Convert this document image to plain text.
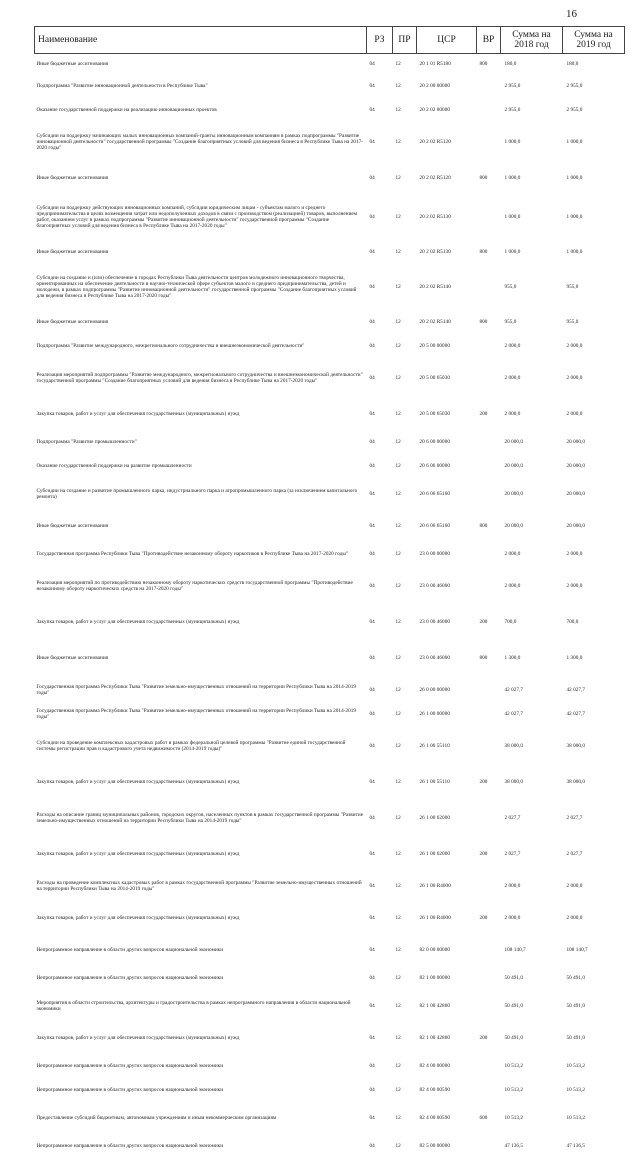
16
Наименование	РЗ	ПР	ЦСР	ВР	Сумма на 2018 год	Сумма на 2019 год
Иные бюджетные ассигнования	04	12	20 1 01 R5180	800	180,0	180,0
Подпрограмма "Развитие инновационной деятельности в Республике Тыва"	04	12	20 2 00 00000		2 955,0	2 955,0
Оказание государственной поддержки на реализацию инновационных проектов	04	12	20 2 02 00000		2 955,0	2 955,0
Субсидии на поддержку начинающих малых инновационных компаний-гранты инновационным компаниям в рамках подпрограммы "Развитие инновационной деятельности" государственной программы "Создание благоприятных условий для ведения бизнеса в Республике Тыва на 2017-2020 годы"	04	12	20 2 02 R5120		1 000,0	1 000,0
Иные бюджетные ассигнования	04	12	20 2 02 R5120	800	1 000,0	1 000,0
Субсидии на поддержку действующих инновационных компаний, субсидии юридическим лицам - субъектам малого и среднего предпринимательства в целях возмещения затрат или недополученных доходов в связи с производством (реализацией) товаров, выполнением работ, оказанием услуг в рамках подпрограммы "Развитие инновационной деятельности" государственной программы "Создание благоприятных условий для ведения бизнеса в Республике Тыва на 2017-2020 годы"	04	12	20 2 02 R5130		1 000,0	1 000,0
Иные бюджетные ассигнования	04	12	20 2 02 R5130	800	1 000,0	1 000,0
Субсидии на создание и (или) обеспечение в городах Республики Тыва деятельности центров молодежного инновационного творчества, ориентированных на обеспечение деятельности в научно-технической сфере субъектов малого и среднего предпринимательства, детей и молодежи, в рамках подпрограммы "Развитие инновационной деятельности" государственной программы "Создание благоприятных условий для ведения бизнеса в Республике Тыва на 2017-2020 годы"	04	12	20 2 02 R5140		955,0	955,0
Иные бюджетные ассигнования	04	12	20 2 02 R5140	800	955,0	955,0
Подпрограмма "Развитие международного, межрегионального сотрудничества и внешнеэкономической деятельности"	04	12	20 5 00 00000		2 000,0	2 000,0
Реализация мероприятий подпрограммы "Развитие международного, межрегионального сотрудничества и внешнеэкономической деятельности" государственной программы "Создание благоприятных условий для ведения бизнеса в Республике Тыва на 2017-2020 годы"	04	12	20 5 00 65030		2 000,0	2 000,0
Закупка товаров, работ и услуг для обеспечения государственных (муниципальных) нужд	04	12	20 5 00 65030	200	2 000,0	2 000,0
Подпрограмма "Развитие промышленности"	04	12	20 6 00 00000		20 000,0	20 000,0
Оказание государственной поддержки на развитие промышленности	04	12	20 6 06 00000		20 000,0	20 000,0
Субсидии на создание и развитие промышленного парка, индустриального парка и агропромышленного парка (за исключением капитального ремонта)	04	12	20 6 06 65160		20 000,0	20 000,0
Иные бюджетные ассигнования	04	12	20 6 06 65160	800	20 000,0	20 000,0
Государственная программа Республики Тыва "Противодействие незаконному обороту наркотиков в Республике Тыва на 2017-2020 годы"	04	12	23 0 00 00000		2 000,0	2 000,0
Реализация мероприятий по противодействию незаконному обороту наркотических средств государственной программы "Противодействие незаконному обороту наркотических средств на 2017-2020 годы"	04	12	23 0 00 46000		2 000,0	2 000,0
Закупка товаров, работ и услуг для обеспечения государственных (муниципальных) нужд	04	12	23 0 00 46000	200	700,0	700,0
Иные бюджетные ассигнования	04	12	23 0 00 46000	800	1 300,0	1 300,0
Государственная программа Республики Тыва "Развитие земельно-имущественных отношений на территории Республики Тыва на 2014-2019 годы"	04	12	26 0 00 00000		42 027,7	42 027,7
Государственная программа Республики Тыва "Развитие земельно-имущественных отношений на территории Республики Тыва на 2014-2019 годы"	04	12	26 1 00 00000		42 027,7	42 027,7
Субсидии на проведение комплексных кадастровых работ в рамках федеральной целевой программы "Развитие единой государственной системы регистрации прав и кадастрового учета недвижимости (2014-2019 годы)"	04	12	26 1 00 55110		38 000,0	38 000,0
Закупка товаров, работ и услуг для обеспечения государственных (муниципальных) нужд	04	12	26 1 00 55110	200	38 000,0	38 000,0
Расходы на описание границ муниципальных районов, городских округов, населенных пунктов в рамках государственной программы "Развитие земельно-имущественных отношений на территории Республики Тыва на 2014-2019 годы"	04	12	26 1 00 62000		2 027,7	2 027,7
Закупка товаров, работ и услуг для обеспечения государственных (муниципальных) нужд	04	12	26 1 00 62000	200	2 027,7	2 027,7
Расходы на проведение комплексных кадастровых работ в рамках государственной программы "Развитие земельно-имущественных отношений на территории Республики Тыва на 2014-2019 годы"	04	12	26 1 00 R4000		2 000,0	2 000,0
Закупка товаров, работ и услуг для обеспечения государственных (муниципальных) нужд	04	12	26 1 00 R4000	200	2 000,0	2 000,0
Непрограммное направление в области других вопросов национальной экономики	04	12	82 0 00 00000		108 140,7	108 140,7
Непрограммное направление в области других вопросов национальной экономики	04	12	82 1 00 00000		50 491,0	50 491,0
Мероприятия в области строительства, архитектуры и градостроительства в рамках непрограммного направления в области национальной экономики	04	12	82 1 00 42800		50 491,0	50 491,0
Закупка товаров, работ и услуг для обеспечения государственных (муниципальных) нужд	04	12	82 1 00 42800	200	50 491,0	50 491,0
Непрограммное направление в области других вопросов национальной экономики	04	12	82 4 00 00000		10 513,2	10 513,2
Непрограммное направление в области других вопросов национальной экономики	04	12	82 4 00 00590		10 513,2	10 513,2
Предоставление субсидий бюджетным, автономным учреждениям и иным некоммерческим организациям	04	12	82 4 00 00590	600	10 513,2	10 513,2
Непрограммное направление в области других вопросов национальной экономики	04	12	82 5 00 00000		47 136,5	47 136,5
